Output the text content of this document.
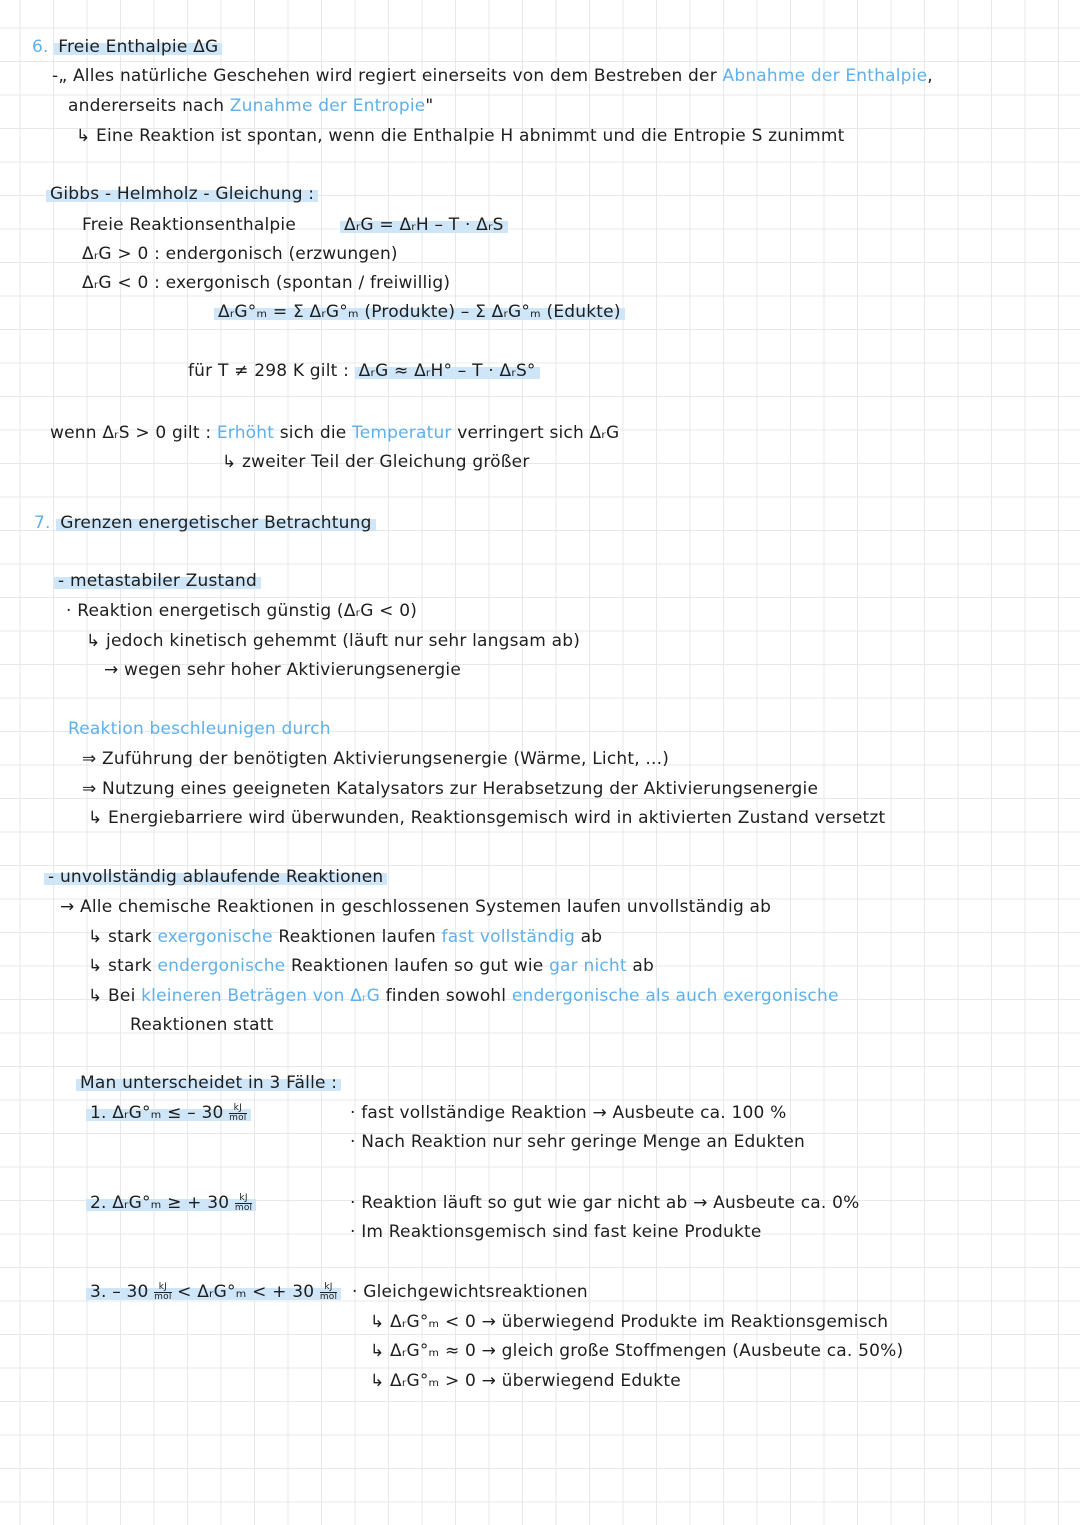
6. Freie Enthalpie ΔG
-„ Alles natürliche Geschehen wird regiert einerseits von dem Bestreben der Abnahme der Enthalpie,
andererseits nach Zunahme der Entropie"
↳ Eine Reaktion ist spontan, wenn die Enthalpie H abnimmt und die Entropie S zunimmt
Gibbs - Helmholz - Gleichung :
Freie Reaktionsenthalpie	ΔᵣG = ΔᵣH – T · ΔᵣS
ΔᵣG > 0 : endergonisch (erzwungen)
ΔᵣG < 0 : exergonisch (spontan / freiwillig)
ΔᵣG°ₘ = Σ ΔᵣG°ₘ (Produkte) – Σ ΔᵣG°ₘ (Edukte)
für T ≠ 298 K gilt : ΔᵣG ≈ ΔᵣH° – T · ΔᵣS°
wenn ΔᵣS > 0 gilt : Erhöht sich die Temperatur verringert sich ΔᵣG
↳ zweiter Teil der Gleichung größer
7. Grenzen energetischer Betrachtung
- metastabiler Zustand
· Reaktion energetisch günstig (ΔᵣG < 0)
↳ jedoch kinetisch gehemmt (läuft nur sehr langsam ab)
→ wegen sehr hoher Aktivierungsenergie
Reaktion beschleunigen durch
⇒ Zuführung der benötigten Aktivierungsenergie (Wärme, Licht, ...)
⇒ Nutzung eines geeigneten Katalysators zur Herabsetzung der Aktivierungsenergie
↳ Energiebarriere wird überwunden, Reaktionsgemisch wird in aktivierten Zustand versetzt
- unvollständig ablaufende Reaktionen
→ Alle chemische Reaktionen in geschlossenen Systemen laufen unvollständig ab
↳ stark exergonische Reaktionen laufen fast vollständig ab
↳ stark endergonische Reaktionen laufen so gut wie gar nicht ab
↳ Bei kleineren Beträgen von ΔᵣG finden sowohl endergonische als auch exergonische
Reaktionen statt
Man unterscheidet in 3 Fälle :
1. ΔᵣG°ₘ ≤ – $30 \frac{kJ}{\text{mol}}$	· fast vollständige Reaktion → Ausbeute ca. 100 %
· Nach Reaktion nur sehr geringe Menge an Edukten
2. ΔᵣG°ₘ ≥ + $30 \frac{kJ}{\text{mol}}$	· Reaktion läuft so gut wie gar nicht ab → Ausbeute ca. 0%
· Im Reaktionsgemisch sind fast keine Produkte
3. – $30 \frac{kJ}{\text{mol}}$ < ΔᵣG°ₘ < + $30 \frac{kJ}{\text{mol}}$ · Gleichgewichtsreaktionen
↳ ΔᵣG°ₘ < 0 → überwiegend Produkte im Reaktionsgemisch
↳ ΔᵣG°ₘ ≈ 0 → gleich große Stoffmengen (Ausbeute ca. 50%)
↳ ΔᵣG°ₘ > 0 → überwiegend Edukte
